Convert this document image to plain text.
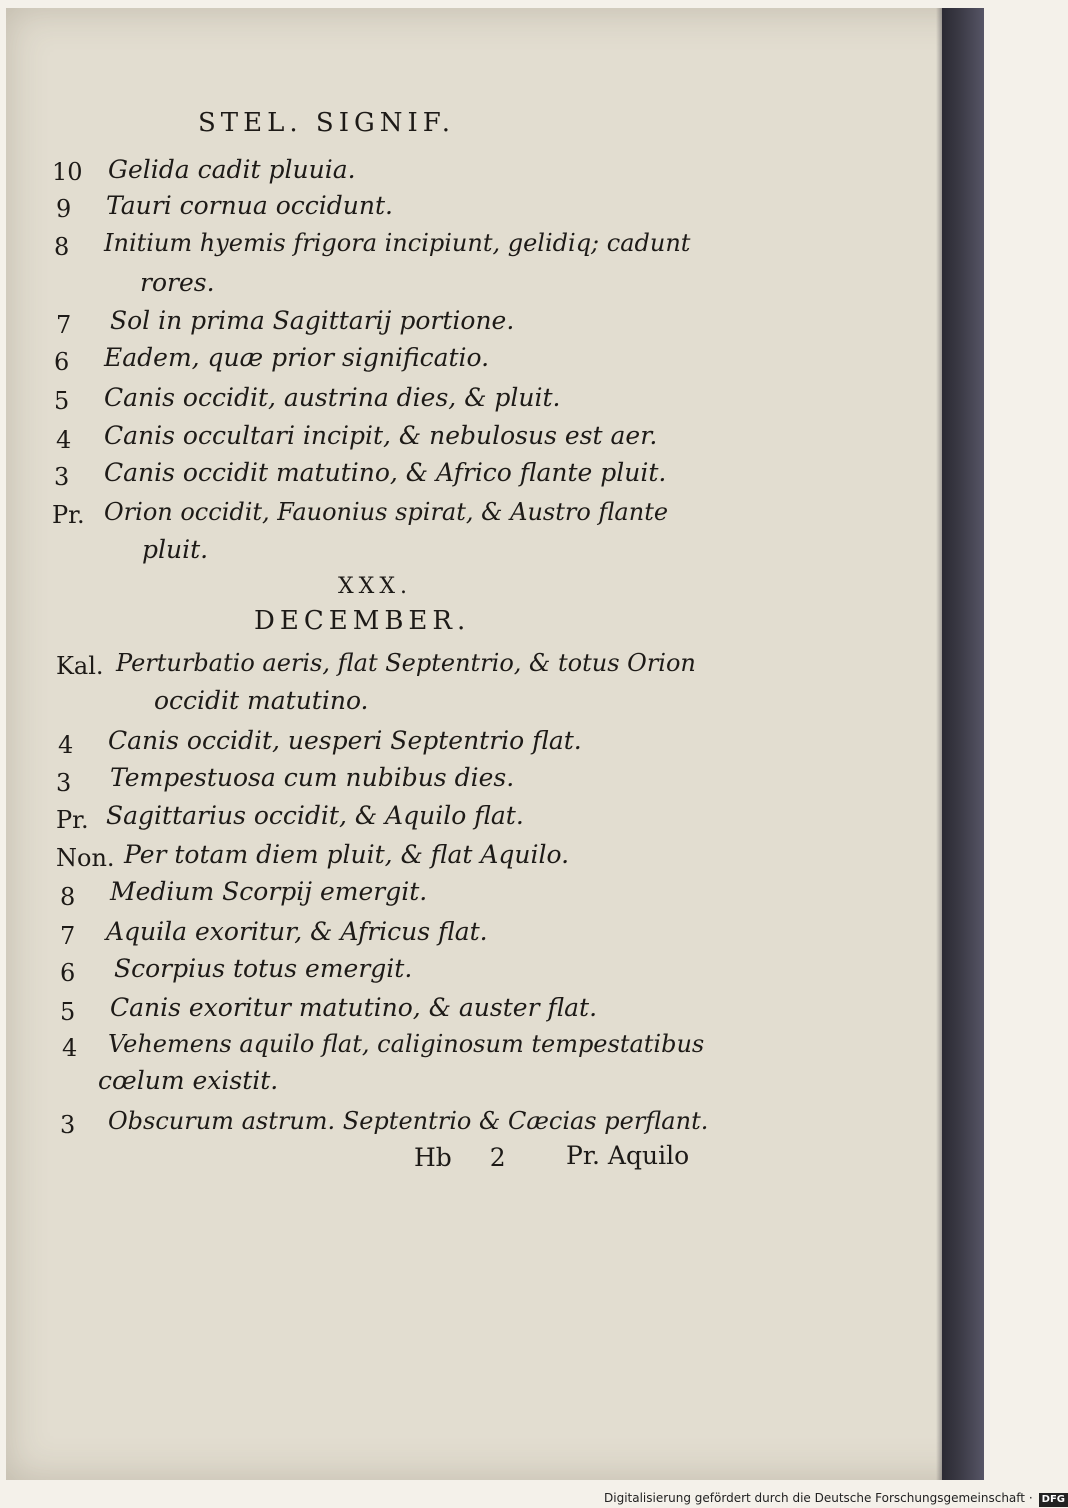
STEL. SIGNIF.
10 Gelida cadit pluuia.
9 Tauri cornua occidunt.
8 Initium hyemis frigora incipiunt, gelidiq; cadunt
rores.
7 Sol in prima Sagittarij portione.
6 Eadem, quæ prior significatio.
5 Canis occidit, austrina dies, & pluit.
4 Canis occultari incipit, & nebulosus est aer.
3 Canis occidit matutino, & Africo flante pluit.
Pr. Orion occidit, Fauonius spirat, & Austro flante
pluit.
XXX.
DECEMBER.
Kal. Perturbatio aeris, flat Septentrio, & totus Orion
occidit matutino.
4 Canis occidit, uesperi Septentrio flat.
3 Tempestuosa cum nubibus dies.
Pr. Sagittarius occidit, & Aquilo flat.
Non. Per totam diem pluit, & flat Aquilo.
8 Medium Scorpij emergit.
7 Aquila exoritur, & Africus flat.
6 Scorpius totus emergit.
5 Canis exoritur matutino, & auster flat.
4 Vehemens aquilo flat, caliginosum tempestatibus
cœlum existit.
3 Obscurum astrum. Septentrio & Cæcias perflant.
Hb 2 Pr. Aquilo
Digitalisierung gefördert durch die Deutsche Forschungsgemeinschaft · DFG
